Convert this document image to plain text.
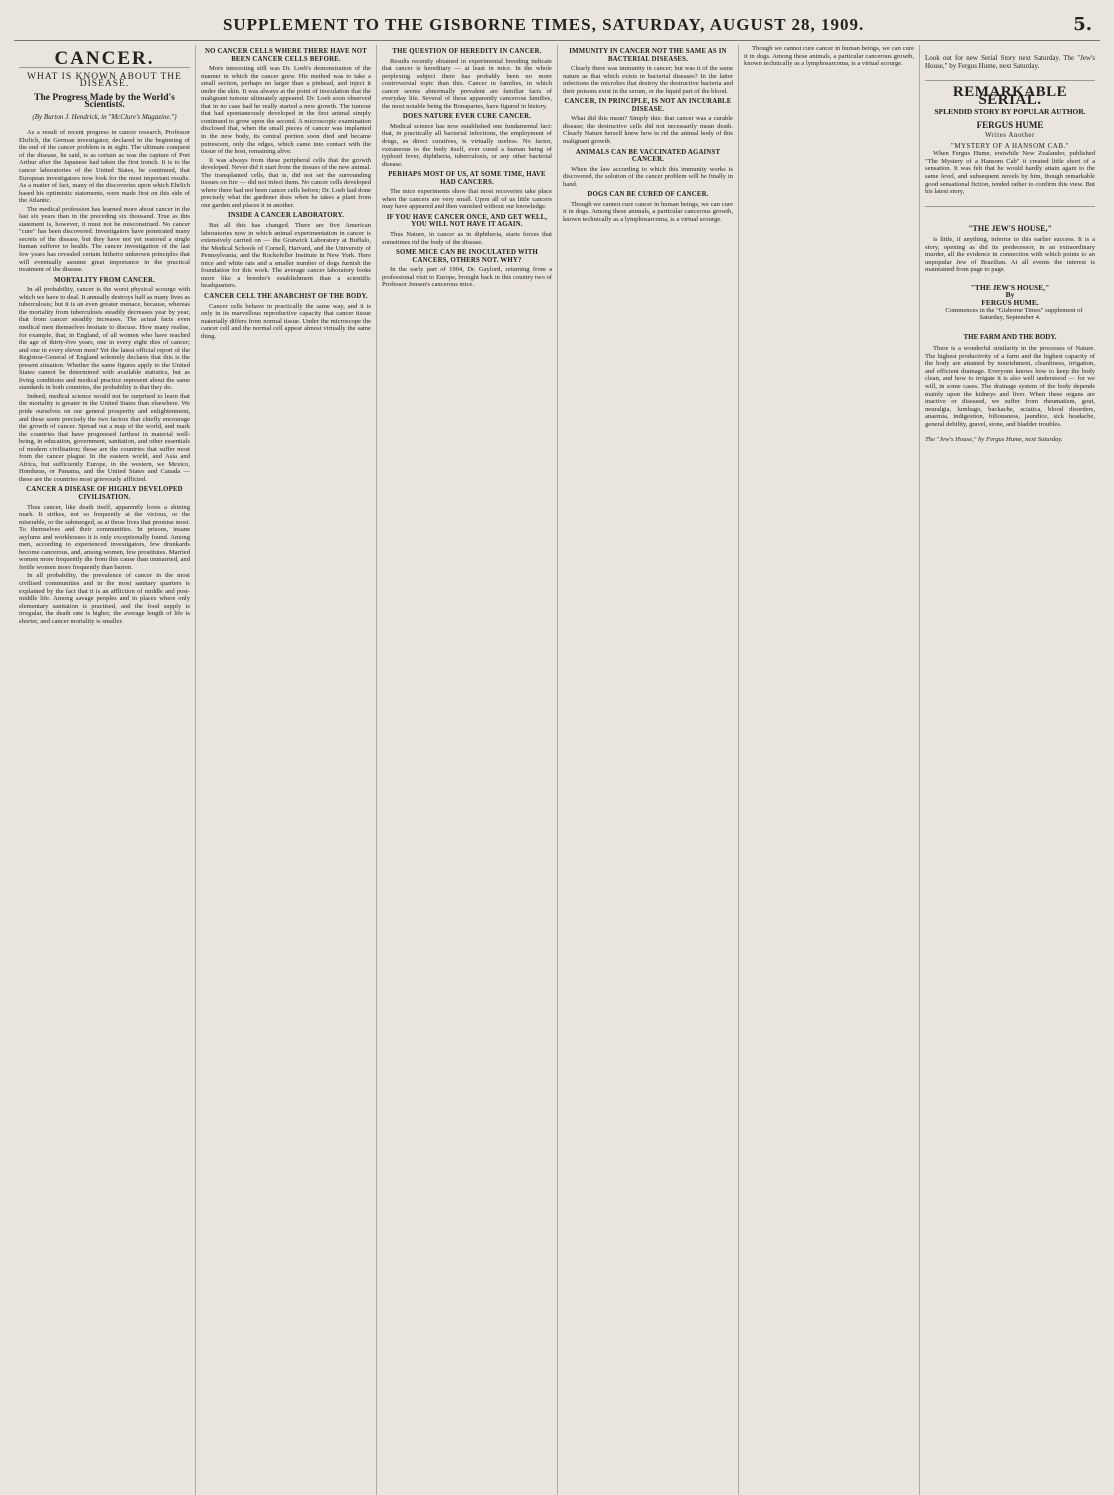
SUPPLEMENT TO THE GISBORNE TIMES, SATURDAY, AUGUST 28, 1909.	5.
CANCER.
WHAT IS KNOWN ABOUT THE DISEASE.
The Progress Made by the World's Scientists.
(By Burton J. Hendrick, in "McClure's Magazine.")

As a result of recent progress in cancer research, Professor Ehrlich, the German investigator, declared in the beginning of the end of the cancer problem is in sight. The ultimate conquest of the disease, he said, is as certain as was the capture of Port Arthur after the Japanese had taken the first trench. It is to the cancer laboratories of the United States, he continued, that European investigators now look for the most important results. As a matter of fact, many of the discoveries upon which Ehrlich based his optimistic statements, were made first on this side of the Atlantic.

The medical profession has learned more about cancer in the last six years than in the preceding six thousand. True as this statement is, however, it must not be misconstrued. No cancer "cure" has been discovered. Investigators have penetrated many secrets of the disease, but they have not yet restored a single human sufferer to health. The cancer investigation of the last few years has revealed certain hitherto unknown principles that will eventually assume great importance in the practical treatment of the disease.

MORTALITY FROM CANCER.

In all probability, cancer is the worst physical scourge with which we have to deal. It annually destroys half as many lives as tuberculosis; but it is an even greater menace, because, whereas the mortality from tuberculosis steadily decreases year by year, that from cancer steadily increases. The actual facts even medical men themselves hesitate to discuss. How many realise, for example, that, in England, of all women who have reached the age of thirty-five years, one in every eight dies of cancer; and one in every eleven men? Yet the latest official report of the Registrar-General of England solemnly declares that this is the present situation. Whether the same figures apply to the United States cannot be determined with available statistics, but as living conditions and medical practice represent about the same standards in both countries, the probability is that they do.

Indeed, medical science would not be surprised to learn that the mortality is greater in the United States than elsewhere. We pride ourselves on our general prosperity and enlightenment, and these seem precisely the two factors that chiefly encourage the growth of cancer. Spread out a map of the world, and mark the countries that have progressed farthest in material well-being, in education, government, sanitation, and other essentials of modern civilisation; those are the countries that suffer most from the cancer plague. In the eastern world, and Asia and Africa, but sufficiently Europe, in the western, we Mexico, Honduras, or Panama, and the United States and Canada — these are the countries most grievously afflicted.

CANCER A DISEASE OF HIGHLY DEVELOPED CIVILISATION.

Thus cancer, like death itself, apparently loves a shining mark. It strikes, not so frequently at the vicious, or the miserable, or the submerged, as at those lives that promise most. To themselves and their communities. In prisons, insane asylums and workhouses it is only exceptionally found. Among men, according to experienced investigators, few drunkards become cancerous, and, among women, few prostitutes. Married women more frequently die from this cause than unmarried, and fertile women more frequently than barren.

In all probability, the prevalence of cancer in the most civilised communities and in the most sanitary quarters is explained by the fact that it is an affliction of middle and post-middle life. Among savage peoples and in places where only elementary sanitation is practised, and the food supply is irregular, the death rate is higher, the average length of life is shorter, and cancer mortality is smaller.

NO CANCER CELLS WHERE THERE HAVE NOT BEEN CANCER CELLS BEFORE.

More interesting still was Dr. Loeb's demonstration of the manner in which the cancer grew. His method was to take a small section, perhaps no larger than a pinhead, and inject it under the skin. It was always at the point of inoculation that the malignant tumour ultimately appeared. Dr. Loeb soon observed that in no case had he really started a new growth. The tumour that had spontaneously developed in the first animal simply continued to grow upon the second. A microscopic examination disclosed that, when the small pieces of cancer was implanted in the new body, its central portion soon died and became putrescent, only the edges, which came into contact with the tissue of the host, remaining alive.

It was always from these peripheral cells that the growth developed. Never did it start from the tissues of the new animal. The transplanted cells, that is, did not set the surrounding tissues on fire — did not infect them. No cancer cells developed where there had not been cancer cells before; Dr. Loeb had done precisely what the gardener does when he takes a plant from one garden and places it in another.

INSIDE A CANCER LABORATORY.

But all this has changed. There are five American laboratories now in which animal experimentation in cancer is extensively carried on — the Gratwick Laboratory at Buffalo, the Medical Schools of Cornell, Harvard, and the University of Pennsylvania, and the Rockefeller Institute in New York. Here mice and white rats and a smaller number of dogs furnish the foundation for this work. The average cancer laboratory looks more like a breeder's establishment than a scientific headquarters.

CANCER CELL THE ANARCHIST OF THE BODY.

Cancer cells behave in practically the same way, and it is only in its marvellous reproductive capacity that cancer tissue materially differs from normal tissue. Under the microscope the cancer cell and the normal cell appear almost virtually the same thing.

THE QUESTION OF HEREDITY IN CANCER.

Results recently obtained in experimental breeding indicate that cancer is hereditary — at least in mice. In the whole perplexing subject there has probably been no more controversial topic than this. Cancer in families, in which cancer seems abnormally prevalent are familiar facts of everyday life. Several of these apparently cancerous families, the most notable being the Bonapartes, have figured in history.

DOES NATURE EVER CURE CANCER.

Medical science has now established one fundamental fact: that, in practically all bacterial infections, the employment of drugs, as direct curatives, is virtually useless. No factor, extraneous to the body itself, ever cured a human being of typhoid fever, diphtheria, tuberculosis, or any other bacterial disease.

PERHAPS MOST OF US, AT SOME TIME, HAVE HAD CANCERS.

The mice experiments show that most recoveries take place when the cancers are very small. Upon all of us little cancers may have appeared and then vanished without our knowledge.

IF YOU HAVE CANCER ONCE, AND GET WELL, YOU WILL NOT HAVE IT AGAIN.

Thus Nature, in cancer as in diphtheria, starts forces that sometimes rid the body of the disease.

SOME MICE CAN BE INOCULATED WITH CANCERS, OTHERS NOT. WHY?

In the early part of 1904, Dr. Gaylord, returning from a professional visit to Europe, brought back in this country two of Professor Jensen's cancerous mice.

IMMUNITY IN CANCER NOT THE SAME AS IN BACTERIAL DISEASES.

Clearly there was immunity in cancer; but was it of the same nature as that which exists in bacterial diseases? In the latter infections the microbes that destroy the destructive bacteria and their poisons exist in the serum, or the liquid part of the blood.

CANCER, IN PRINCIPLE, IS NOT AN INCURABLE DISEASE.

What did this mean? Simply this: that cancer was a curable disease; the destructive cells did not necessarily mean death. Clearly Nature herself knew how to rid the animal body of this malignant growth.

ANIMALS CAN BE VACCINATED AGAINST CANCER.

When the law according to which this immunity works is discovered, the solution of the cancer problem will be finally in hand.

DOGS CAN BE CURED OF CANCER.

Though we cannot cure cancer in human beings, we can cure it in dogs. Among these animals, a particular cancerous growth, known technically as a lymphosarcoma, is a virtual scourge.

Though we cannot cure cancer in human beings, we can cure it in dogs. Among these animals, a particular cancerous growth, known technically as a lymphosarcoma, is a virtual scourge.

Look out for new Serial Story next Saturday. The "Jew's House," by Fergus Hume, next Saturday.
REMARKABLE SERIAL.
SPLENDID STORY BY POPULAR AUTHOR.
FERGUS HUME
Writes Another
"MYSTERY OF A HANSOM CAB."

When Fergus Hume, erstwhile New Zealander, published "The Mystery of a Hansom Cab" it created little short of a sensation. It was felt that he would hardly attain again to the same level, and subsequent novels by him, though remarkable good sensational fiction, tended rather to confirm this view. But his latest story,

"THE JEW'S HOUSE,"

is little, if anything, inferior to this earlier success. It is a story, opening as did its predecessor, in an extraordinary murder, all the evidence in connection with which points to an unpopular Jew of Brazilian. At all events the interest is maintained from page to page.

"THE JEW'S HOUSE,"
By
FERGUS HUME.

Commences in the "Gisborne Times" supplement of Saturday, September 4.

THE FARM AND THE BODY.

There is a wonderful similarity in the processes of Nature. The highest productivity of a farm and the highest capacity of the body are attained by nourishment, cleanliness, irrigation, and efficient drainage. Everyone knows how to keep the body clean, and how to irrigate it is also well understood — for we will, in some cases. The drainage system of the body depends mainly upon the kidneys and liver. When these organs are inactive or diseased, we suffer from rheumatism, gout, neuralgia, lumbago, backache, sciatica, blood disorders, anaemia, indigestion, biliousness, jaundice, sick headache, general debility, gravel, stone, and bladder troubles.

The "Jew's House," by Fergus Hume, next Saturday.
